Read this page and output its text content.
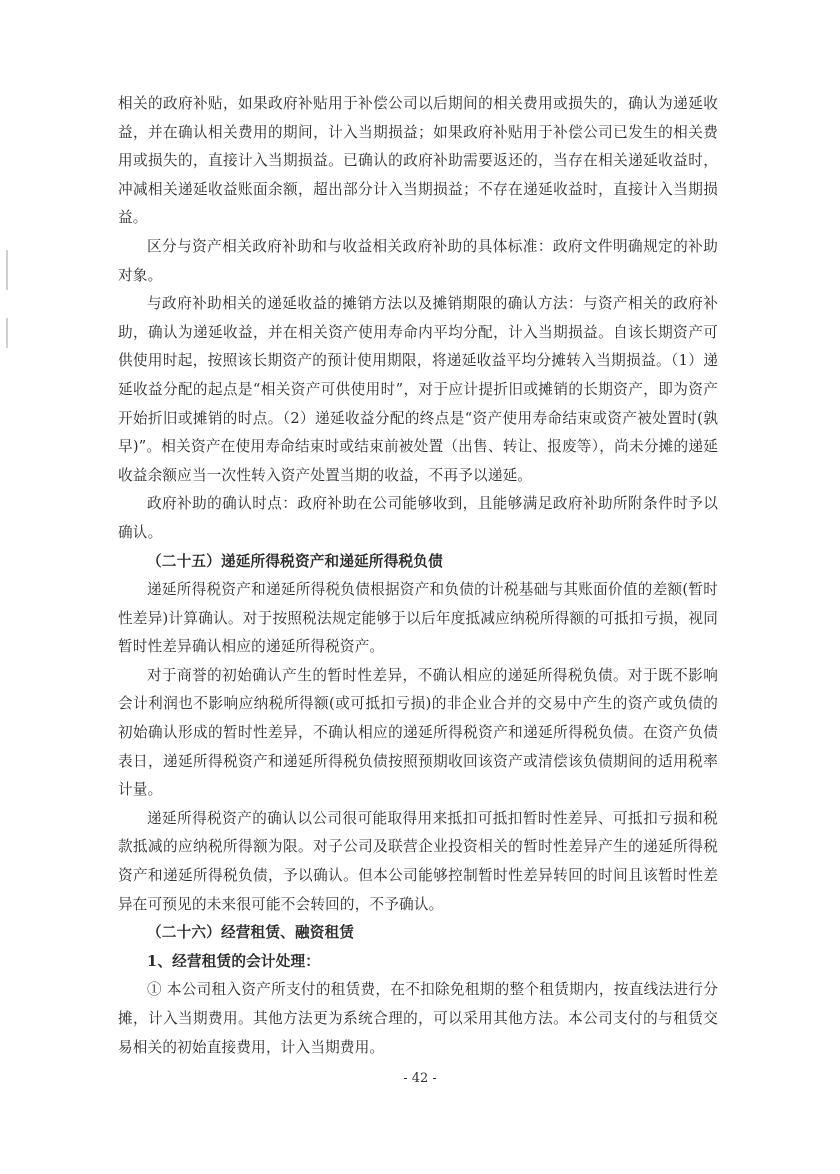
相关的政府补贴，如果政府补贴用于补偿公司以后期间的相关费用或损失的，确认为递延收益，并在确认相关费用的期间，计入当期损益；如果政府补贴用于补偿公司已发生的相关费用或损失的，直接计入当期损益。已确认的政府补助需要返还的，当存在相关递延收益时，冲减相关递延收益账面余额，超出部分计入当期损益；不存在递延收益时，直接计入当期损益。

区分与资产相关政府补助和与收益相关政府补助的具体标准：政府文件明确规定的补助对象。

与政府补助相关的递延收益的摊销方法以及摊销期限的确认方法：与资产相关的政府补助，确认为递延收益，并在相关资产使用寿命内平均分配，计入当期损益。自该长期资产可供使用时起，按照该长期资产的预计使用期限，将递延收益平均分摊转入当期损益。（1）递延收益分配的起点是“相关资产可供使用时”，对于应计提折旧或摊销的长期资产，即为资产开始折旧或摊销的时点。（2）递延收益分配的终点是“资产使用寿命结束或资产被处置时(孰早)”。相关资产在使用寿命结束时或结束前被处置（出售、转让、报废等），尚未分摊的递延收益余额应当一次性转入资产处置当期的收益，不再予以递延。

政府补助的确认时点：政府补助在公司能够收到，且能够满足政府补助所附条件时予以确认。

（二十五）递延所得税资产和递延所得税负债

递延所得税资产和递延所得税负债根据资产和负债的计税基础与其账面价值的差额(暂时性差异)计算确认。对于按照税法规定能够于以后年度抵减应纳税所得额的可抵扣亏损，视同暂时性差异确认相应的递延所得税资产。

对于商誉的初始确认产生的暂时性差异，不确认相应的递延所得税负债。对于既不影响会计利润也不影响应纳税所得额(或可抵扣亏损)的非企业合并的交易中产生的资产或负债的初始确认形成的暂时性差异，不确认相应的递延所得税资产和递延所得税负债。在资产负债表日，递延所得税资产和递延所得税负债按照预期收回该资产或清偿该负债期间的适用税率计量。

递延所得税资产的确认以公司很可能取得用来抵扣可抵扣暂时性差异、可抵扣亏损和税款抵减的应纳税所得额为限。对子公司及联营企业投资相关的暂时性差异产生的递延所得税资产和递延所得税负债，予以确认。但本公司能够控制暂时性差异转回的时间且该暂时性差异在可预见的未来很可能不会转回的，不予确认。

（二十六）经营租赁、融资租赁

1、经营租赁的会计处理：

① 本公司租入资产所支付的租赁费，在不扣除免租期的整个租赁期内，按直线法进行分摊，计入当期费用。其他方法更为系统合理的，可以采用其他方法。本公司支付的与租赁交易相关的初始直接费用，计入当期费用。

- 42 -
